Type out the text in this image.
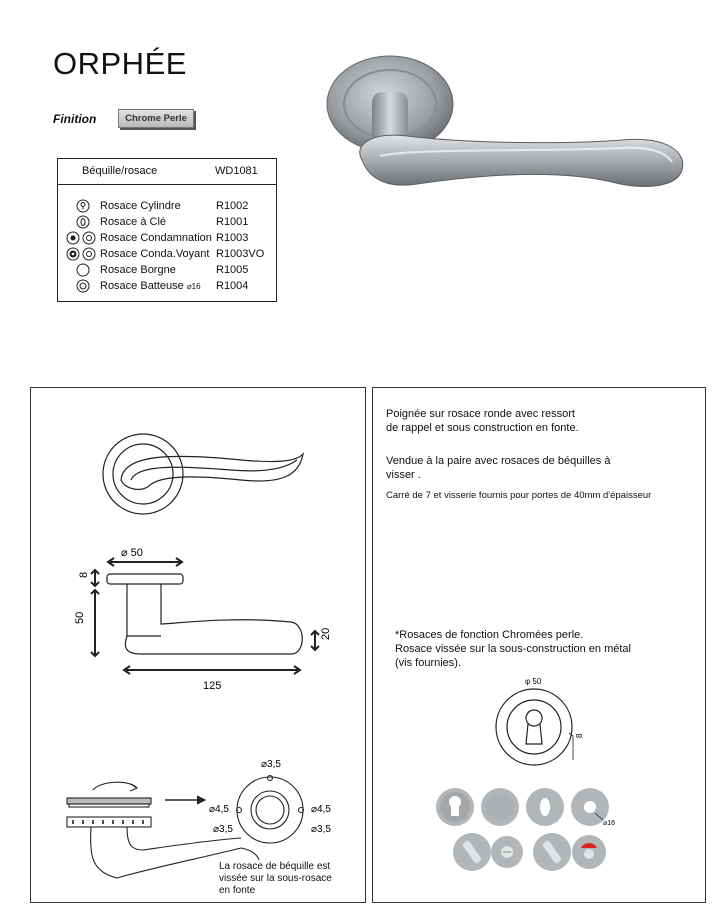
ORPHÉE
Finition	Chrome Perle
Béquille/rosace	WD1081
Rosace Cylindre	R1002
Rosace à Clé	R1001
Rosace Condamnation R1003
Rosace Conda.Voyant R1003VO
Rosace Borgne	R1005
Rosace Batteuse ⌀16 R1004
⌀ 50
8
50
20
125
⌀3,5
⌀4,5
⌀3,5
⌀4,5
⌀3,5
La rosace de béquille est
vissée sur la sous-rosace
en fonte
Poignée sur rosace ronde avec ressort
de rappel et sous construction en fonte.
Vendue à la paire avec rosaces de béquilles à
visser .
Carré de 7 et visserie fournis pour portes de 40mm d'épaisseur
*Rosaces de fonction Chromées perle.
Rosace vissée sur la sous-construction en métal
(vis fournies).
φ 50
8
⌀16
